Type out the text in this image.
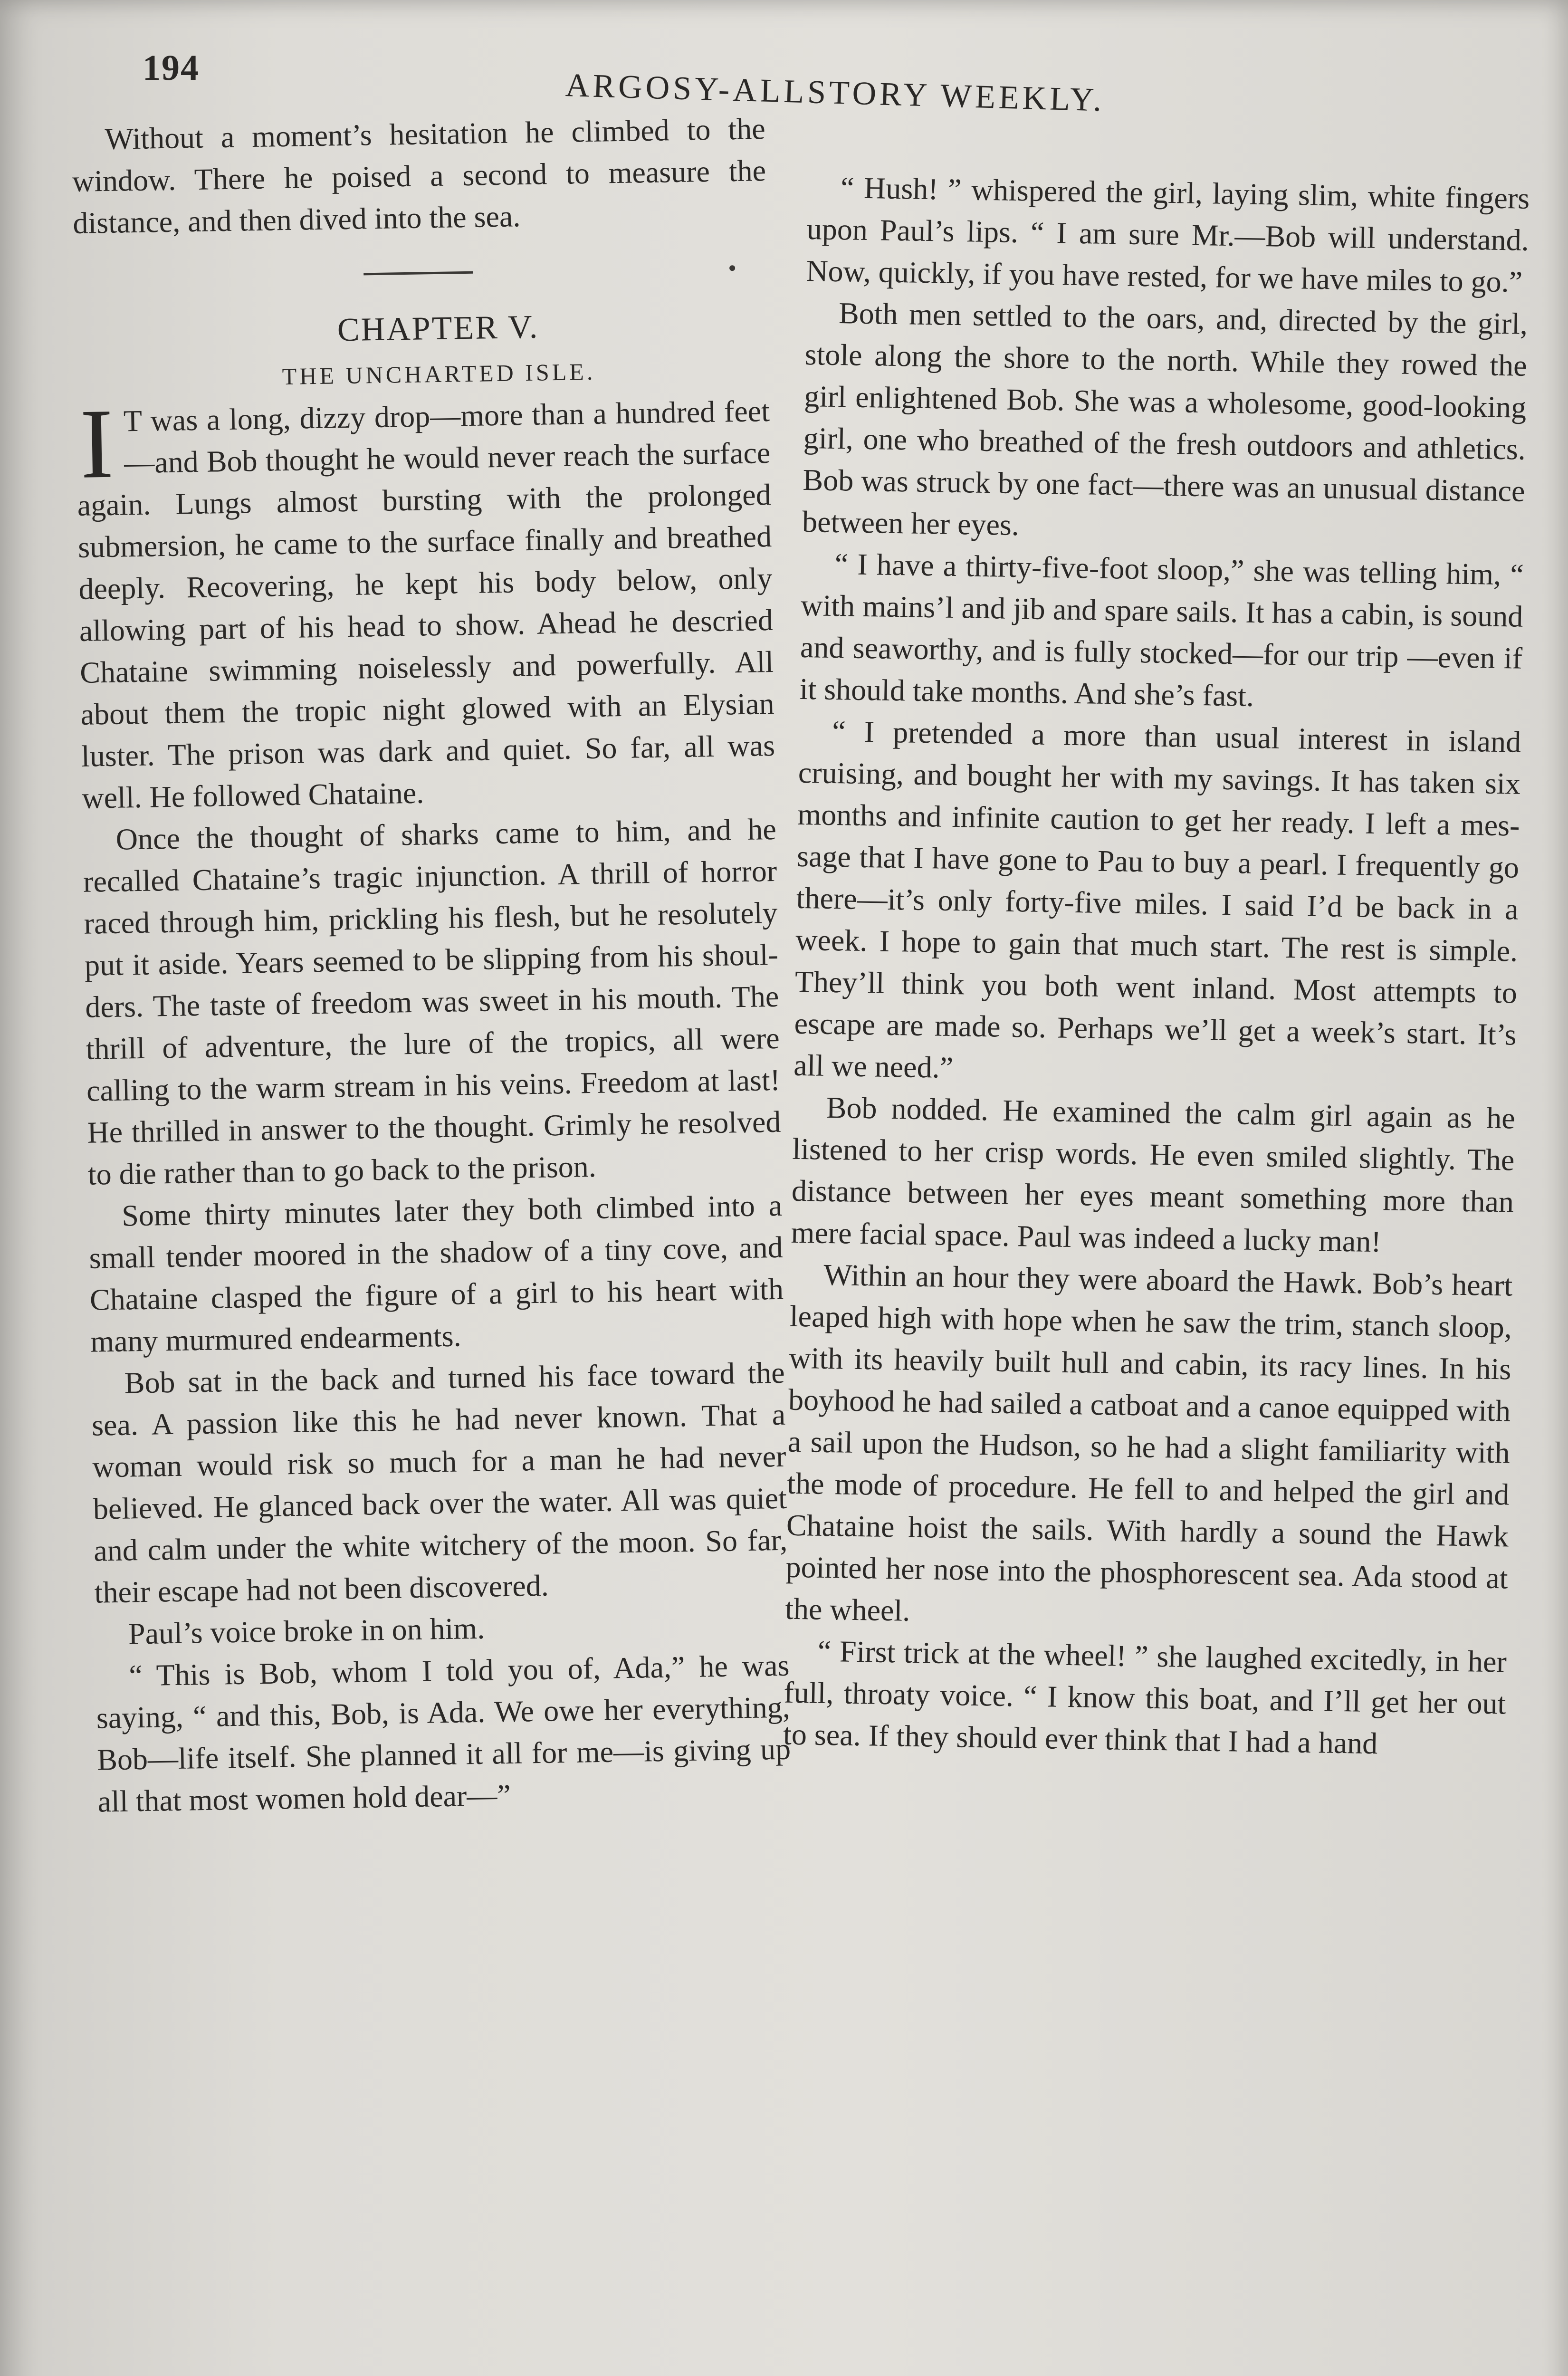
194	ARGOSY-ALLSTORY WEEKLY.

Without a moment’s hesitation he climbed to the window. There he poised a second to measure the distance, and then dived into the sea.

CHAPTER V.

THE UNCHARTED ISLE.

I T was a long, dizzy drop—more than a hundred feet—and Bob thought he would never reach the surface again. Lungs almost bursting with the prolonged submersion, he came to the surface finally and breathed deeply. Recovering, he kept his body below, only allowing part of his head to show. Ahead he descried Chataine swimming noiselessly and powerfully. All about them the tropic night glowed with an Elysian luster. The prison was dark and quiet. So far, all was well. He followed Chataine.

Once the thought of sharks came to him, and he recalled Chataine’s tragic injunction. A thrill of horror raced through him, prickling his flesh, but he resolutely put it aside. Years seemed to be slipping from his shoulders. The taste of freedom was sweet in his mouth. The thrill of adventure, the lure of the tropics, all were calling to the warm stream in his veins. Freedom at last! He thrilled in answer to the thought. Grimly he resolved to die rather than to go back to the prison.

Some thirty minutes later they both climbed into a small tender moored in the shadow of a tiny cove, and Chataine clasped the figure of a girl to his heart with many murmured endearments.

Bob sat in the back and turned his face toward the sea. A passion like this he had never known. That a woman would risk so much for a man he had never believed. He glanced back over the water. All was quiet and calm under the white witchery of the moon. So far, their escape had not been discovered.

Paul’s voice broke in on him.

“ This is Bob, whom I told you of, Ada,” he was saying, “ and this, Bob, is Ada. We owe her everything, Bob—life itself. She planned it all for me—is giving up all that most women hold dear—”

“ Hush! ” whispered the girl, laying slim, white fingers upon Paul’s lips. “ I am sure Mr.—Bob will understand. Now, quickly, if you have rested, for we have miles to go.”

Both men settled to the oars, and, directed by the girl, stole along the shore to the north. While they rowed the girl enlightened Bob. She was a wholesome, good-looking girl, one who breathed of the fresh outdoors and athletics. Bob was struck by one fact—there was an unusual distance between her eyes.

“ I have a thirty-five-foot sloop,” she was telling him, “ with mains’l and jib and spare sails. It has a cabin, is sound and seaworthy, and is fully stocked—for our trip —even if it should take months. And she’s fast.

“ I pretended a more than usual interest in island cruising, and bought her with my savings. It has taken six months and infinite caution to get her ready. I left a message that I have gone to Pau to buy a pearl. I frequently go there—it’s only forty-five miles. I said I’d be back in a week. I hope to gain that much start. The rest is simple. They’ll think you both went inland. Most attempts to escape are made so. Perhaps we’ll get a week’s start. It’s all we need.”

Bob nodded. He examined the calm girl again as he listened to her crisp words. He even smiled slightly. The distance between her eyes meant something more than mere facial space. Paul was indeed a lucky man!

Within an hour they were aboard the Hawk. Bob’s heart leaped high with hope when he saw the trim, stanch sloop, with its heavily built hull and cabin, its racy lines. In his boyhood he had sailed a catboat and a canoe equipped with a sail upon the Hudson, so he had a slight familiarity with the mode of procedure. He fell to and helped the girl and Chataine hoist the sails. With hardly a sound the Hawk pointed her nose into the phosphorescent sea. Ada stood at the wheel.

“ First trick at the wheel! ” she laughed excitedly, in her full, throaty voice. “ I know this boat, and I’ll get her out to sea. If they should ever think that I had a hand
